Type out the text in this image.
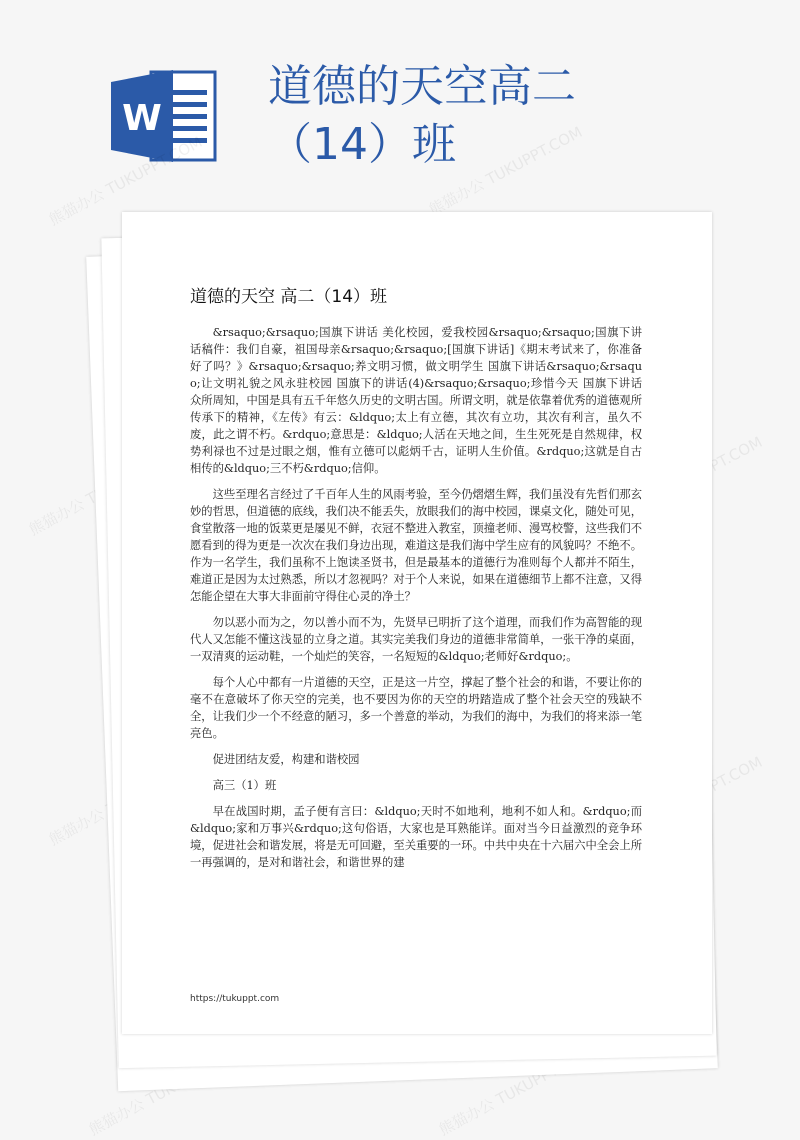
W
道德的天空高二（14）班
熊猫办公 TUKUPPT.COM	熊猫办公 TUKUPPT.COM
熊猫办公
TUKUPPT.COM
熊猫办公
TUKUPPT.COM
熊猫办公 TUKUPPT.COM	熊猫办公 TUKUPPT.COM
道德的天空 高二（14）班

&rsaquo;&rsaquo;国旗下讲话 美化校园，爱我校园&rsaquo;&rsaquo;国旗下讲话稿件：我们自豪，祖国母亲&rsaquo;&rsaquo;[国旗下讲话]《期末考试来了，你准备好了吗？》&rsaquo;&rsaquo;养文明习惯，做文明学生 国旗下讲话&rsaquo;&rsaquo;让文明礼貌之风永驻校园 国旗下的讲话(4)&rsaquo;&rsaquo;珍惜今天 国旗下讲话　　众所周知，中国是具有五千年悠久历史的文明古国。所谓文明，就是依靠着优秀的道德观所传承下的精神，《左传》有云：&ldquo;太上有立德，其次有立功，其次有利言，虽久不废，此之谓不朽。&rdquo;意思是：&ldquo;人活在天地之间，生生死死是自然规律，权势利禄也不过是过眼之烟，惟有立德可以彪炳千古，证明人生价值。&rdquo;这就是自古相传的&ldquo;三不朽&rdquo;信仰。

这些至理名言经过了千百年人生的风雨考验，至今仍熠熠生辉，我们虽没有先哲们那玄妙的哲思，但道德的底线，我们决不能丢失，放眼我们的海中校园，课桌文化，随处可见，食堂散落一地的饭菜更是屡见不鲜，衣冠不整进入教室，顶撞老师、漫骂校警，这些我们不愿看到的得为更是一次次在我们身边出现，难道这是我们海中学生应有的风貌吗？不绝不。作为一名学生，我们虽称不上饱读圣贤书，但是最基本的道德行为准则每个人都并不陌生，难道正是因为太过熟悉，所以才忽视吗？对于个人来说，如果在道德细节上都不注意，又得怎能企望在大事大非面前守得住心灵的净土？

勿以恶小而为之，勿以善小而不为，先贤早已明折了这个道理，而我们作为高智能的现代人又怎能不懂这浅显的立身之道。其实完美我们身边的道德非常简单，一张干净的桌面，一双清爽的运动鞋，一个灿烂的笑容，一名短短的&ldquo;老师好&rdquo;。

每个人心中都有一片道德的天空，正是这一片空，撑起了整个社会的和谐，不要让你的毫不在意破坏了你天空的完美，也不要因为你的天空的坍踏造成了整个社会天空的残缺不全，让我们少一个不经意的陋习，多一个善意的举动，为我们的海中，为我们的将来添一笔亮色。

促进团结友爱，构建和谐校园

高三（1）班

早在战国时期，孟子便有言曰：&ldquo;天时不如地利，地利不如人和。&rdquo;而&ldquo;家和万事兴&rdquo;这句俗语，大家也是耳熟能详。面对当今日益激烈的竞争环境，促进社会和谐发展，将是无可回避，至关重要的一环。中共中央在十六届六中全会上所一再强调的，是对和谐社会，和谐世界的建

https://tukuppt.com
